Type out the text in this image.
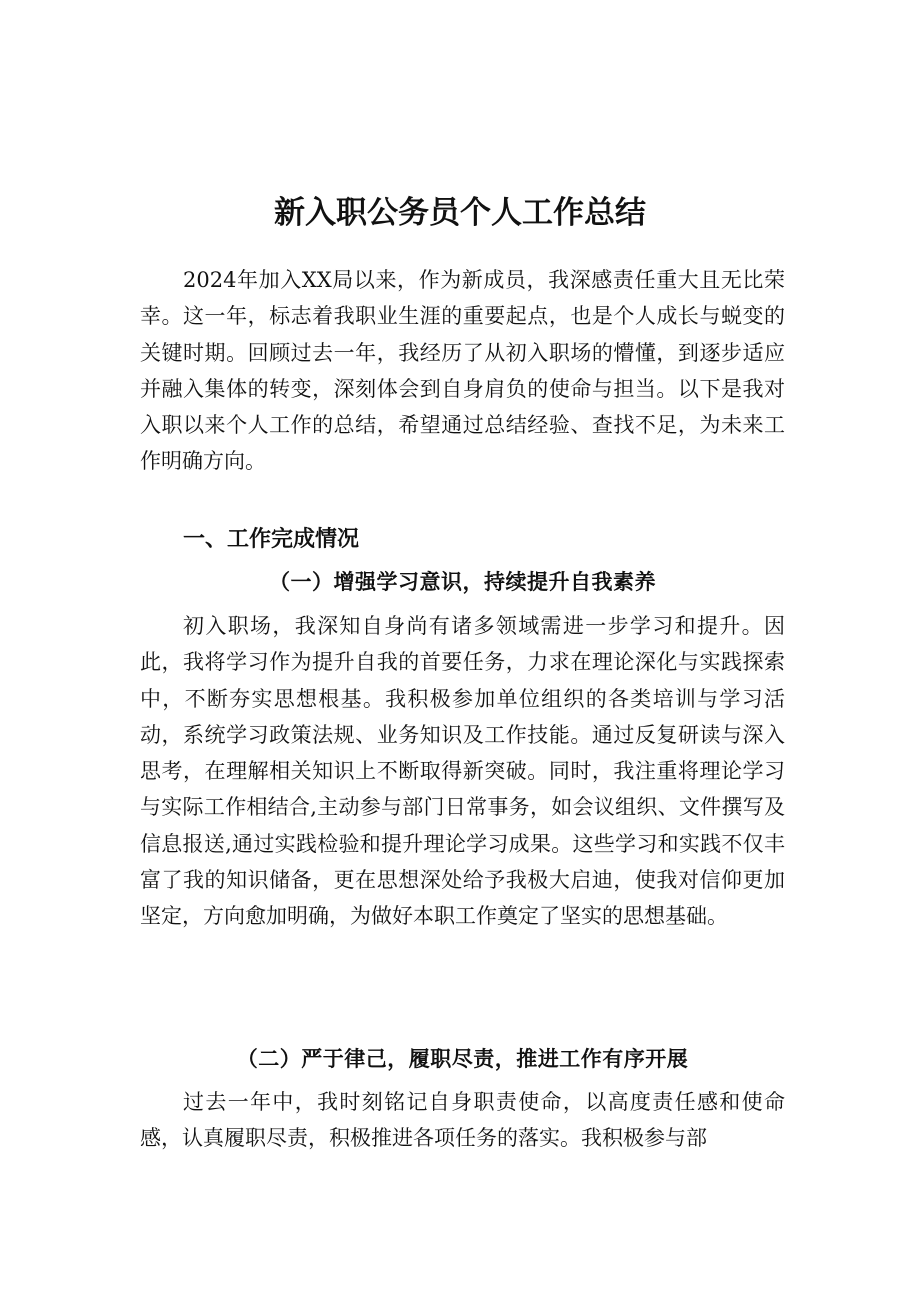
新入职公务员个人工作总结

2024年加入XX局以来，作为新成员，我深感责任重大且无比荣幸。这一年，标志着我职业生涯的重要起点，也是个人成长与蜕变的关键时期。回顾过去一年，我经历了从初入职场的懵懂，到逐步适应并融入集体的转变，深刻体会到自身肩负的使命与担当。以下是我对入职以来个人工作的总结，希望通过总结经验、查找不足，为未来工作明确方向。

一、工作完成情况
（一）增强学习意识，持续提升自我素养

初入职场，我深知自身尚有诸多领域需进一步学习和提升。因此，我将学习作为提升自我的首要任务，力求在理论深化与实践探索中，不断夯实思想根基。我积极参加单位组织的各类培训与学习活动，系统学习政策法规、业务知识及工作技能。通过反复研读与深入思考，在理解相关知识上不断取得新突破。同时，我注重将理论学习与实际工作相结合,主动参与部门日常事务，如会议组织、文件撰写及信息报送,通过实践检验和提升理论学习成果。这些学习和实践不仅丰富了我的知识储备，更在思想深处给予我极大启迪，使我对信仰更加坚定，方向愈加明确，为做好本职工作奠定了坚实的思想基础。

（二）严于律己，履职尽责，推进工作有序开展

过去一年中，我时刻铭记自身职责使命，以高度责任感和使命感，认真履职尽责，积极推进各项任务的落实。我积极参与部
